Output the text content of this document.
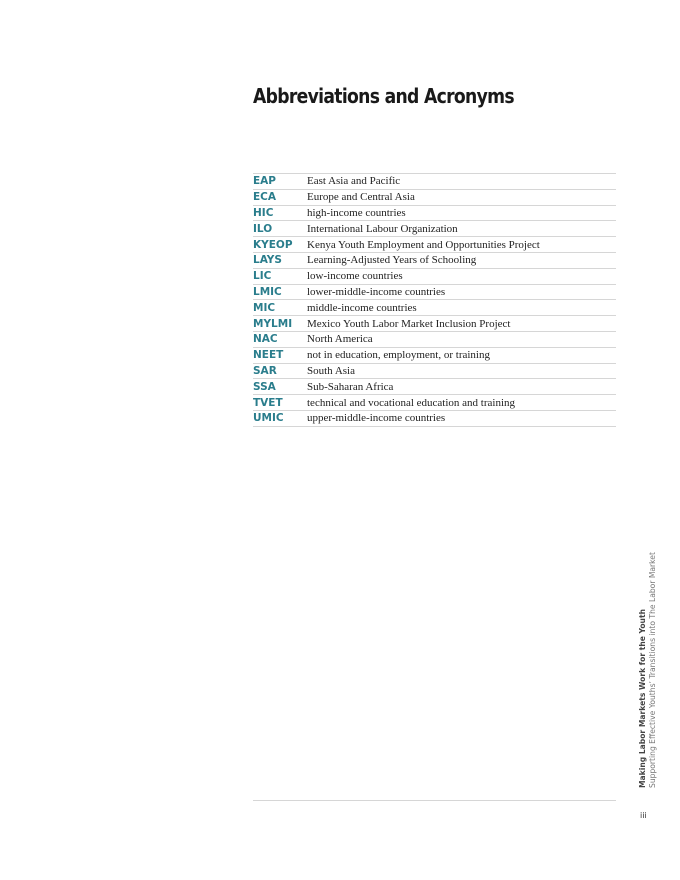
Abbreviations and Acronyms
EAP	East Asia and Pacific
ECA	Europe and Central Asia
HIC	high-income countries
ILO	International Labour Organization
KYEOP	Kenya Youth Employment and Opportunities Project
LAYS	Learning-Adjusted Years of Schooling
LIC	low-income countries
LMIC	lower-middle-income countries
MIC	middle-income countries
MYLMI	Mexico Youth Labor Market Inclusion Project
NAC	North America
NEET	not in education, employment, or training
SAR	South Asia
SSA	Sub-Saharan Africa
TVET	technical and vocational education and training
UMIC	upper-middle-income countries
Making Labor Markets Work for the Youth Supporting Effective Youths’ Transitions into The Labor Market
iii
